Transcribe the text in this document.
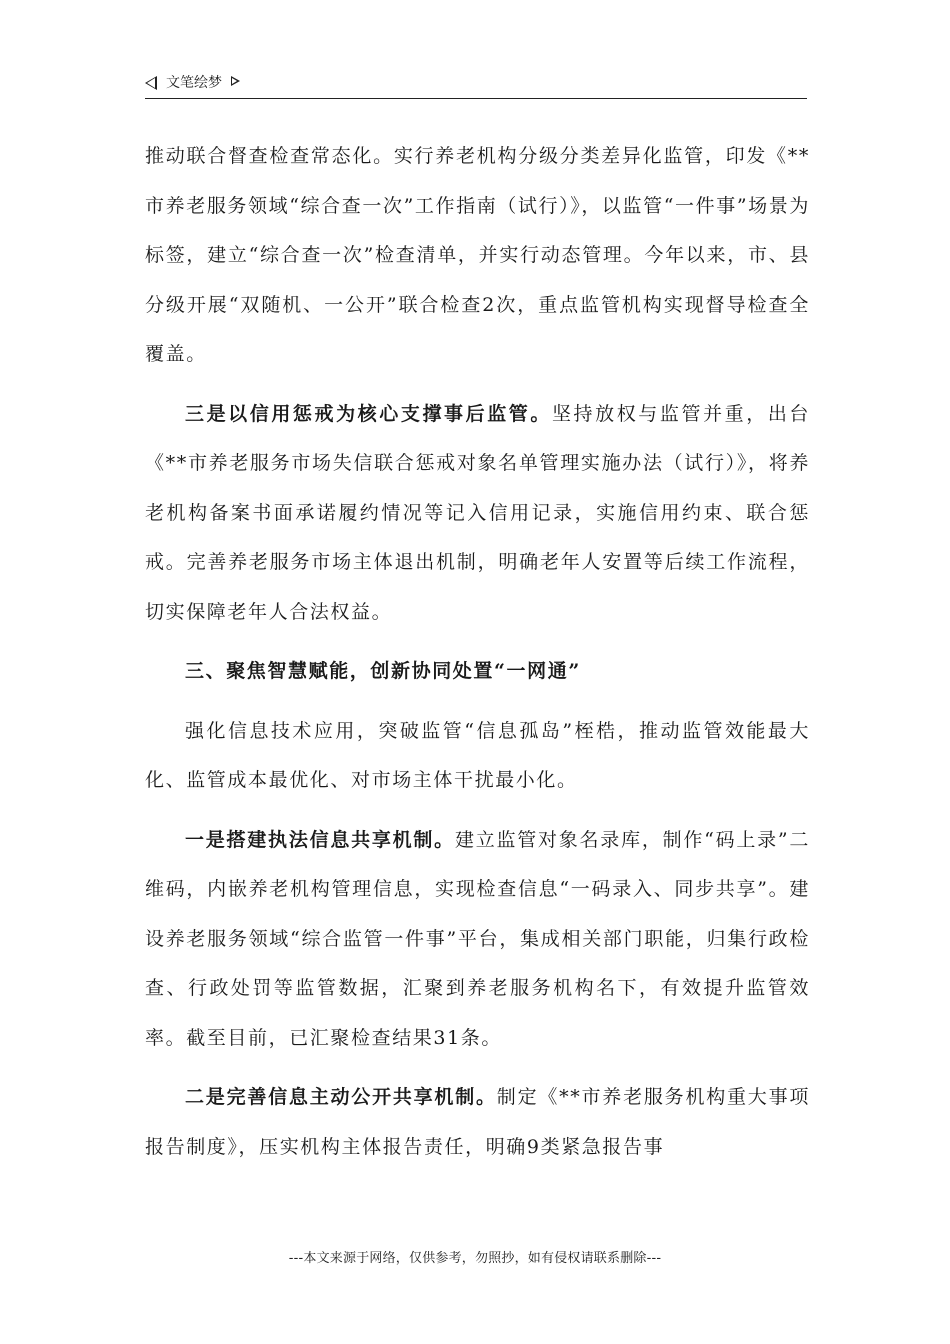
文笔绘梦

推动联合督查检查常态化。实行养老机构分级分类差异化监管，印发《**市养老服务领域“综合查一次”工作指南（试行）》，以监管“一件事”场景为标签，建立“综合查一次”检查清单，并实行动态管理。今年以来，市、县分级开展“双随机、一公开”联合检查2次，重点监管机构实现督导检查全覆盖。

三是以信用惩戒为核心支撑事后监管。坚持放权与监管并重，出台《**市养老服务市场失信联合惩戒对象名单管理实施办法（试行）》，将养老机构备案书面承诺履约情况等记入信用记录，实施信用约束、联合惩戒。完善养老服务市场主体退出机制，明确老年人安置等后续工作流程，切实保障老年人合法权益。

三、聚焦智慧赋能，创新协同处置“一网通”

强化信息技术应用，突破监管“信息孤岛”桎梏，推动监管效能最大化、监管成本最优化、对市场主体干扰最小化。

一是搭建执法信息共享机制。建立监管对象名录库，制作“码上录”二维码，内嵌养老机构管理信息，实现检查信息“一码录入、同步共享”。建设养老服务领域“综合监管一件事”平台，集成相关部门职能，归集行政检查、行政处罚等监管数据，汇聚到养老服务机构名下，有效提升监管效率。截至目前，已汇聚检查结果31条。

二是完善信息主动公开共享机制。制定《**市养老服务机构重大事项报告制度》，压实机构主体报告责任，明确9类紧急报告事

---本文来源于网络，仅供参考，勿照抄，如有侵权请联系删除---
